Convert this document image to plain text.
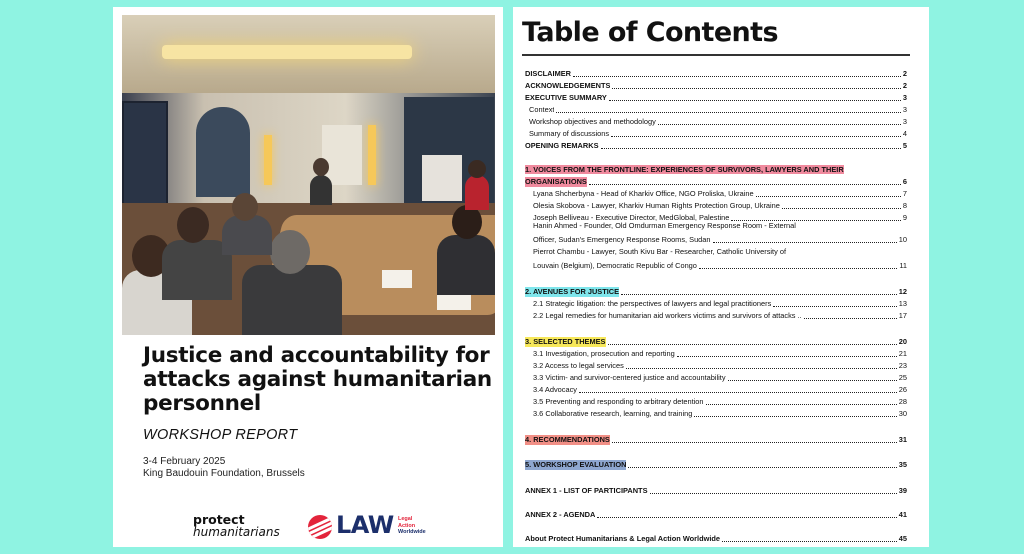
Justice and accountability for attacks against humanitarian personnel
WORKSHOP REPORT
3-4 February 2025
King Baudouin Foundation, Brussels
protect
humanitarians LAW Legal
Action
Worldwide
Table of Contents
DISCLAIMER	2
ACKNOWLEDGEMENTS	2
EXECUTIVE SUMMARY	3
Context	3
Workshop objectives and methodology	3
Summary of discussions	4
OPENING REMARKS	5
1. VOICES FROM THE FRONTLINE: EXPERIENCES OF SURVIVORS, LAWYERS AND THEIR
ORGANISATIONS	6
Lyana Shcherbyna - Head of Kharkiv Office, NGO Proliska, Ukraine	7
Olesia Skobova - Lawyer, Kharkiv Human Rights Protection Group, Ukraine	8
Joseph Belliveau - Executive Director, MedGlobal, Palestine	9
Hanin Ahmed - Founder, Old Omdurman Emergency Response Room - External
Officer, Sudan's Emergency Response Rooms, Sudan	10
Pierrot Chambu - Lawyer, South Kivu Bar - Researcher, Catholic University of
Louvain (Belgium), Democratic Republic of Congo	11
2. AVENUES FOR JUSTICE	12
2.1 Strategic litigation: the perspectives of lawyers and legal practitioners	13
2.2 Legal remedies for humanitarian aid workers victims and survivors of attacks ..	17
3. SELECTED THEMES	20
3.1 Investigation, prosecution and reporting	21
3.2 Access to legal services	23
3.3 Victim- and survivor-centered justice and accountability	25
3.4 Advocacy	26
3.5 Preventing and responding to arbitrary detention	28
3.6 Collaborative research, learning, and training	30
4. RECOMMENDATIONS	31
5. WORKSHOP EVALUATION	35
ANNEX 1 - LIST OF PARTICIPANTS	39
ANNEX 2 - AGENDA	41
About Protect Humanitarians & Legal Action Worldwide	45
